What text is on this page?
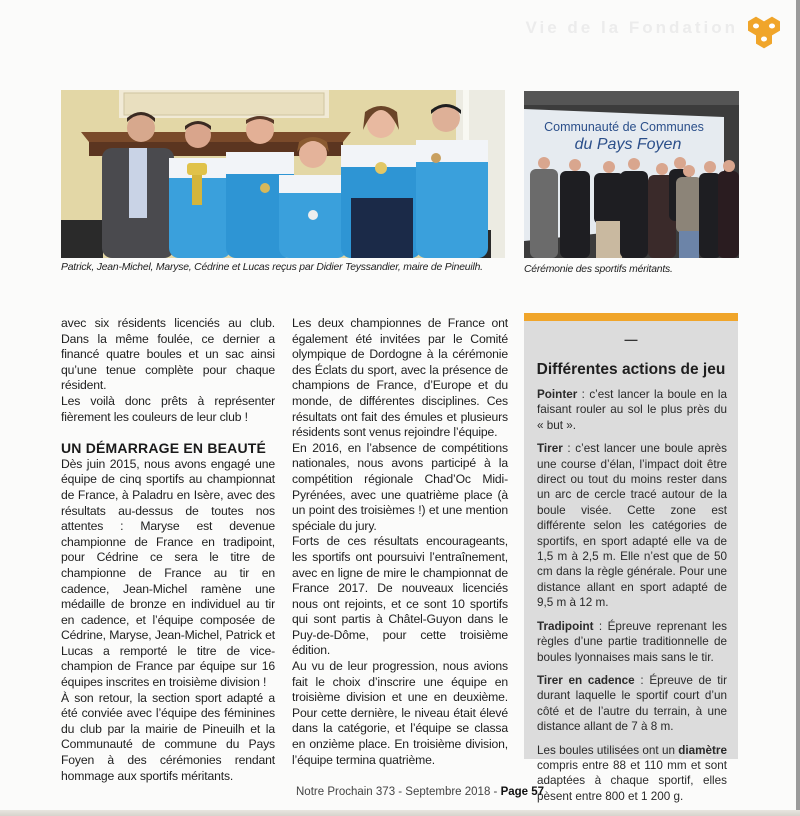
Vie de la Fondation
Patrick, Jean-Michel, Maryse, Cédrine et Lucas reçus par Didier Teyssandier, maire de Pineuilh.
Communauté de Communes
du Pays Foyen
Cérémonie des sportifs méritants.

avec six résidents licenciés au club. Dans la même foulée, ce dernier a financé quatre boules et un sac ainsi qu’une tenue complète pour chaque résident.

Les voilà donc prêts à représenter fièrement les couleurs de leur club !

UN DÉMARRAGE EN BEAUTÉ

Dès juin 2015, nous avons engagé une équipe de cinq sportifs au championnat de France, à Paladru en Isère, avec des résultats au-dessus de toutes nos attentes : Maryse est devenue championne de France en tradipoint, pour Cédrine ce sera le titre de championne de France au tir en cadence, Jean-Michel ramène une médaille de bronze en individuel au tir en cadence, et l’équipe composée de Cédrine, Maryse, Jean-Michel, Patrick et Lucas a remporté le titre de vice-champion de France par équipe sur 16 équipes inscrites en troisième division !

À son retour, la section sport adapté a été conviée avec l’équipe des féminines du club par la mairie de Pineuilh et la Communauté de commune du Pays Foyen à des cérémonies rendant hommage aux sportifs méritants.

Les deux championnes de France ont également été invitées par le Comité olympique de Dordogne à la cérémonie des Éclats du sport, avec la présence de champions de France, d’Europe et du monde, de différentes disciplines. Ces résultats ont fait des émules et plusieurs résidents sont venus rejoindre l’équipe.

En 2016, en l’absence de compétitions nationales, nous avons participé à la compétition régionale Chad’Oc Midi-Pyrénées, avec une quatrième place (à un point des troisièmes !) et une mention spéciale du jury.

Forts de ces résultats encourageants, les sportifs ont poursuivi l’entraînement, avec en ligne de mire le championnat de France 2017. De nouveaux licenciés nous ont rejoints, et ce sont 10 sportifs qui sont partis à Châtel-Guyon dans le Puy-de-Dôme, pour cette troisième édition.

Au vu de leur progression, nous avions fait le choix d’inscrire une équipe en troisième division et une en deuxième. Pour cette dernière, le niveau était élevé dans la catégorie, et l’équipe se classa en onzième place. En troisième division, l’équipe termina quatrième.

—
Différentes actions de jeu

Pointer : c’est lancer la boule en la faisant rouler au sol le plus près du « but ».

Tirer : c’est lancer une boule après une course d’élan, l’impact doit être direct ou tout du moins rester dans un arc de cercle tracé autour de la boule visée. Cette zone est différente selon les catégories de sportifs, en sport adapté elle va de 1,5 m à 2,5 m. Elle n’est que de 50 cm dans la règle générale. Pour une distance allant en sport adapté de 9,5 m à 12 m.

Tradipoint : Épreuve reprenant les règles d’une partie traditionnelle de boules lyonnaises mais sans le tir.

Tirer en cadence : Épreuve de tir durant laquelle le sportif court d’un côté et de l’autre du terrain, à une distance allant de 7 à 8 m.

Les boules utilisées ont un diamètre compris entre 88 et 110 mm et sont adaptées à chaque sportif, elles pèsent entre 800 et 1 200 g.

Notre Prochain 373 - Septembre 2018 - Page 57
